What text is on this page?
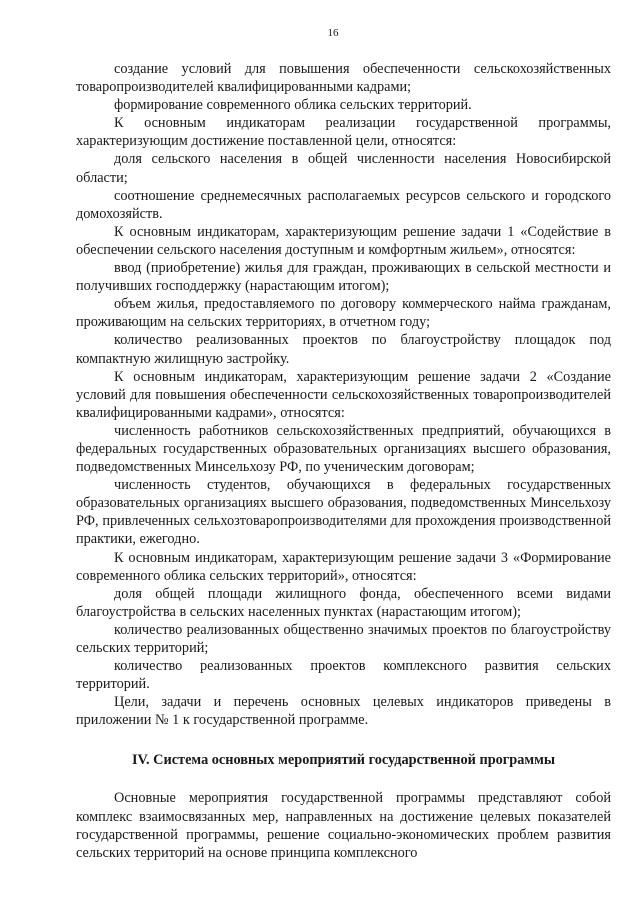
16

создание условий для повышения обеспеченности сельскохозяйственных товаропроизводителей квалифицированными кадрами;

формирование современного облика сельских территорий.

К основным индикаторам реализации государственной программы, характеризующим достижение поставленной цели, относятся:

доля сельского населения в общей численности населения Новосибирской области;

соотношение среднемесячных располагаемых ресурсов сельского и городского домохозяйств.

К основным индикаторам, характеризующим решение задачи 1 «Содействие в обеспечении сельского населения доступным и комфортным жильем», относятся:

ввод (приобретение) жилья для граждан, проживающих в сельской местности и получивших господдержку (нарастающим итогом);

объем жилья, предоставляемого по договору коммерческого найма гражданам, проживающим на сельских территориях, в отчетном году;

количество реализованных проектов по благоустройству площадок под компактную жилищную застройку.

К основным индикаторам, характеризующим решение задачи 2 «Создание условий для повышения обеспеченности сельскохозяйственных товаропроизводителей квалифицированными кадрами», относятся:

численность работников сельскохозяйственных предприятий, обучающихся в федеральных государственных образовательных организациях высшего образования, подведомственных Минсельхозу РФ, по ученическим договорам;

численность студентов, обучающихся в федеральных государственных образовательных организациях высшего образования, подведомственных Минсельхозу РФ, привлеченных сельхозтоваропроизводителями для прохождения производственной практики, ежегодно.

К основным индикаторам, характеризующим решение задачи 3 «Формирование современного облика сельских территорий», относятся:

доля общей площади жилищного фонда, обеспеченного всеми видами благоустройства в сельских населенных пунктах (нарастающим итогом);

количество реализованных общественно значимых проектов по благоустройству сельских территорий;

количество реализованных проектов комплексного развития сельских территорий.

Цели, задачи и перечень основных целевых индикаторов приведены в приложении № 1 к государственной программе.

IV. Система основных мероприятий государственной программы

Основные мероприятия государственной программы представляют собой комплекс взаимосвязанных мер, направленных на достижение целевых показателей государственной программы, решение социально-экономических проблем развития сельских территорий на основе принципа комплексного
